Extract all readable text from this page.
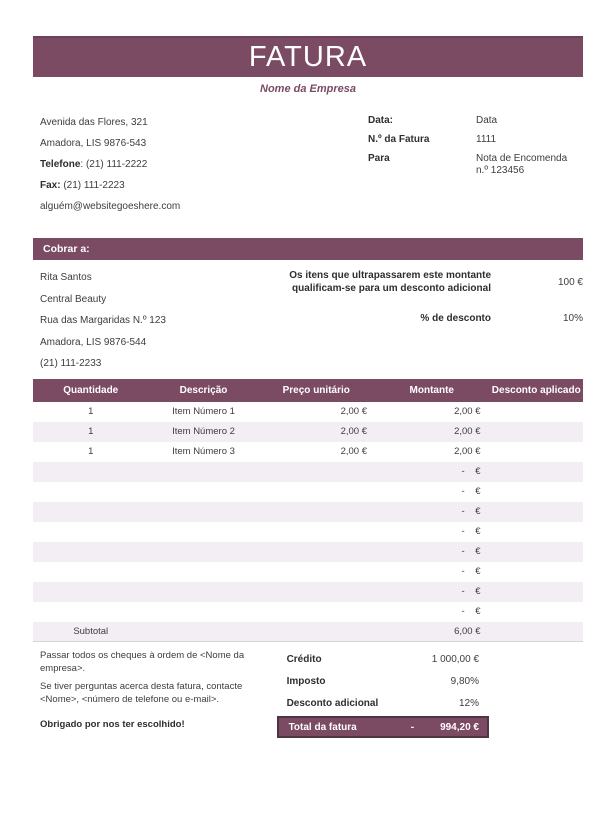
FATURA
Nome da Empresa
Avenida das Flores, 321
Amadora, LIS 9876-543
Telefone: (21) 111-2222
Fax: (21) 111-2223
alguém@websitegoeshere.com
Data:	Data
N.º da Fatura	1111
Para	Nota de Encomenda n.º 123456
Cobrar a:
Rita Santos
Central Beauty
Rua das Margaridas N.º 123
Amadora, LIS 9876-544
(21) 111-2233
Os itens que ultrapassarem este montante qualificam-se para um desconto adicional
100 €
% de desconto	10%
Quantidade	Descrição	Preço unitário	Montante	Desconto aplicado
1	Item Número 1	2,00 €	2,00 €	
1	Item Número 2	2,00 €	2,00 €	
1	Item Número 3	2,00 €	2,00 €	
			-    €	
			-    €	
			-    €	
			-    €	
			-    €	
			-    €	
			-    €	
			-    €	
Subtotal			6,00 €	
Passar todos os cheques à ordem de <Nome da empresa>.
Se tiver perguntas acerca desta fatura, contacte <Nome>, <número de telefone ou e-mail>.
Obrigado por nos ter escolhido!
Crédito	1 000,00 €
Imposto	9,80%
Desconto adicional	12%
Total da fatura	-	994,20 €
